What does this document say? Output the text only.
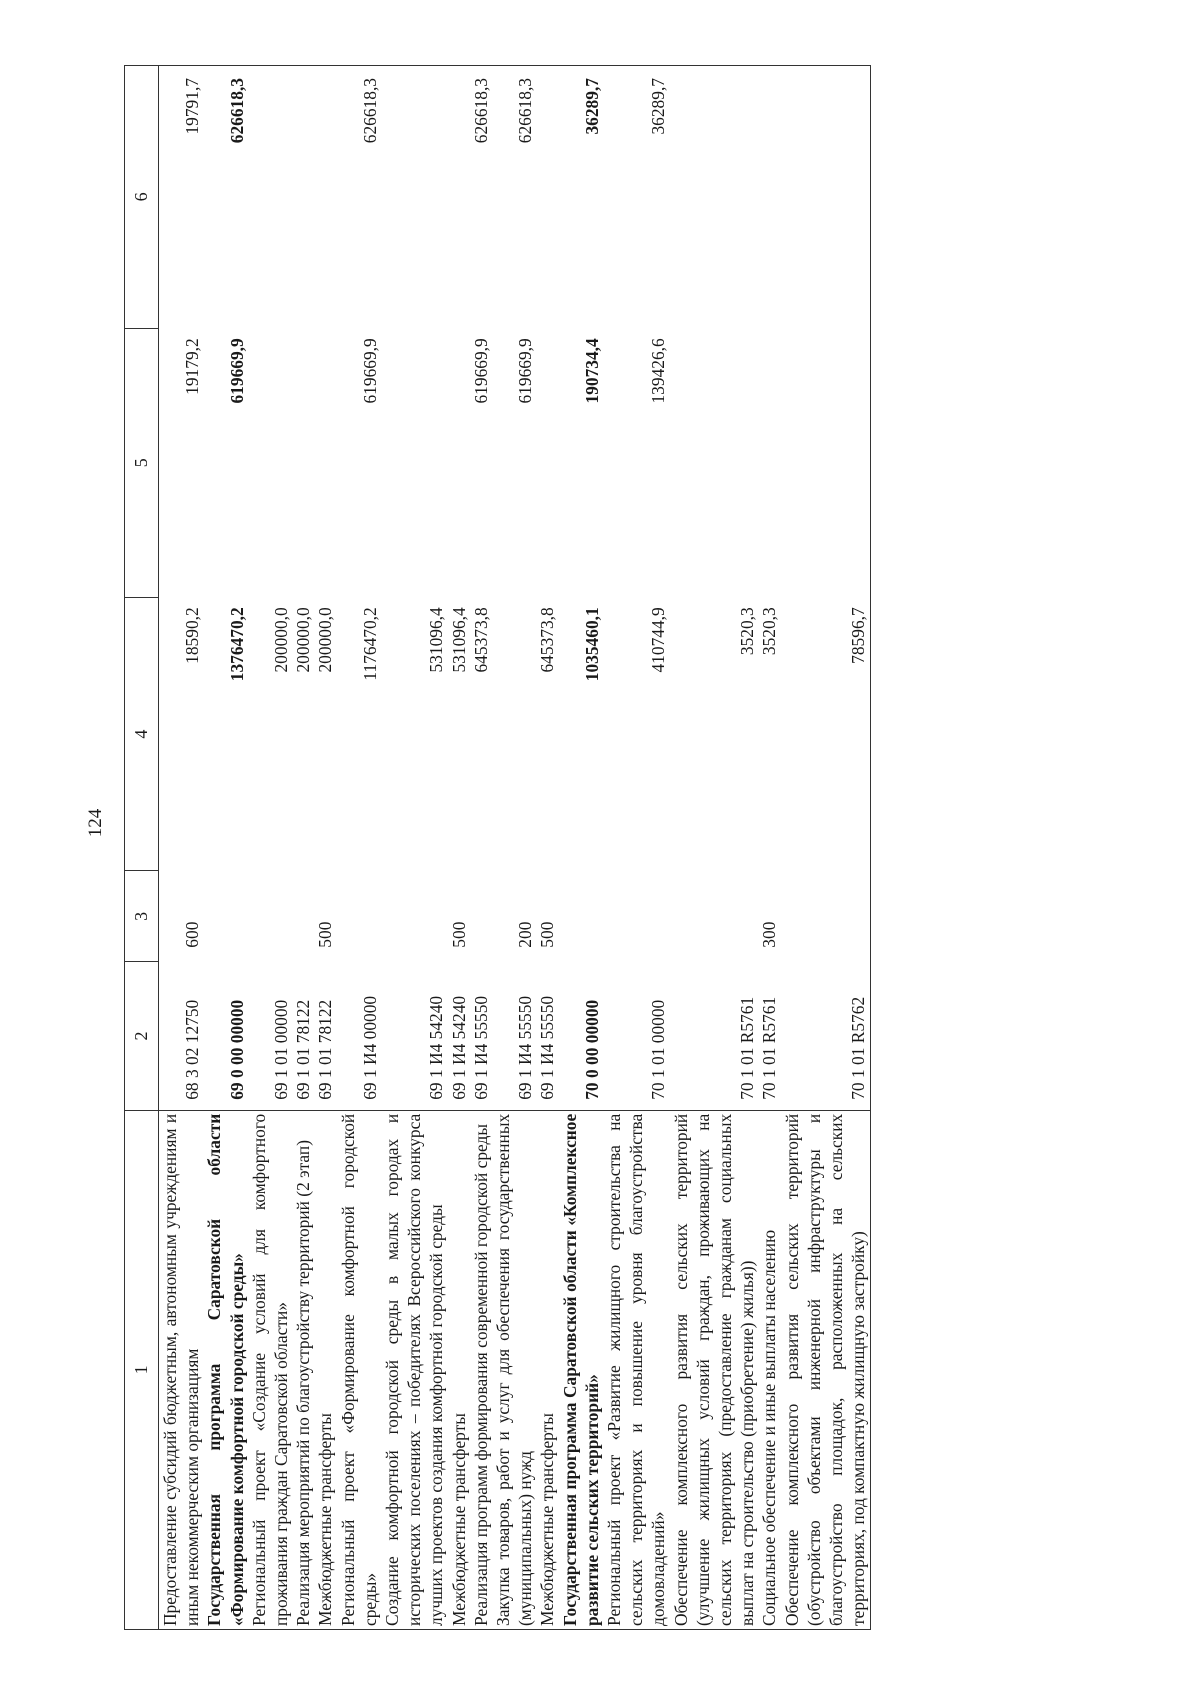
124
1	2	3	4	5	6
Предоставление субсидий бюджетным, автономным учреждениям и иным некоммерческим организациям	68 3 02 12750	600	18590,2	19179,2	19791,7
Государственная программа Саратовской области «Формирование комфортной городской среды»	69 0 00 00000		1376470,2	619669,9	626618,3
Региональный проект «Создание условий для комфортного проживания граждан Саратовской области»	69 1 01 00000		200000,0		
Реализация мероприятий по благоустройству территорий (2 этап)	69 1 01 78122		200000,0		
Межбюджетные трансферты	69 1 01 78122	500	200000,0		
Региональный проект «Формирование комфортной городской среды»	69 1 И4 00000		1176470,2	619669,9	626618,3
Создание комфортной городской среды в малых городах и исторических поселениях – победителях Всероссийского конкурса лучших проектов создания комфортной городской среды	69 1 И4 54240		531096,4		
Межбюджетные трансферты	69 1 И4 54240	500	531096,4		
Реализация программ формирования современной городской среды	69 1 И4 55550		645373,8	619669,9	626618,3
Закупка товаров, работ и услуг для обеспечения государственных (муниципальных) нужд	69 1 И4 55550	200		619669,9	626618,3
Межбюджетные трансферты	69 1 И4 55550	500	645373,8		
Государственная программа Саратовской области «Комплексное развитие сельских территорий»	70 0 00 00000		1035460,1	190734,4	36289,7
Региональный проект «Развитие жилищного строительства на сельских территориях и повышение уровня благоустройства домовладений»	70 1 01 00000		410744,9	139426,6	36289,7
Обеспечение комплексного развития сельских территорий (улучшение жилищных условий граждан, проживающих на сельских территориях (предоставление гражданам социальных выплат на строительство (приобретение) жилья))	70 1 01 R5761		3520,3		
Социальное обеспечение и иные выплаты населению	70 1 01 R5761	300	3520,3		
Обеспечение комплексного развития сельских территорий (обустройство объектами инженерной инфраструктуры и благоустройство площадок, расположенных на сельских территориях, под компактную жилищную застройку)	70 1 01 R5762		78596,7		
